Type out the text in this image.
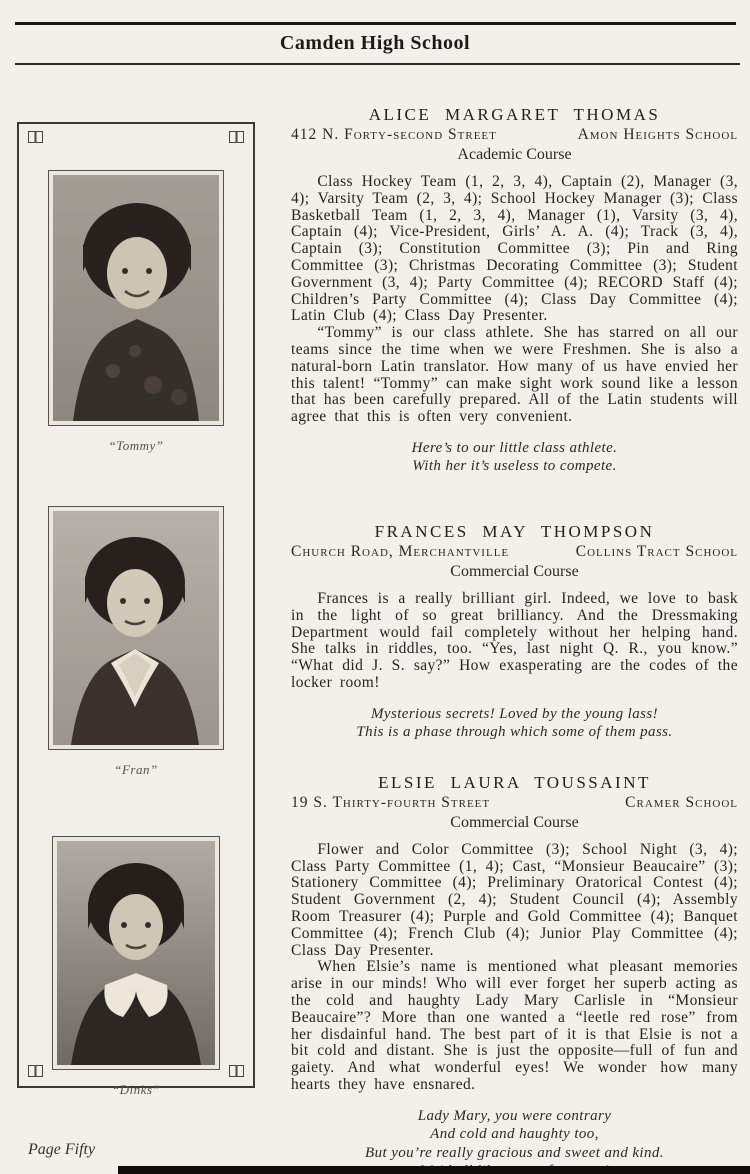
Camden High School
“Tommy”
“Fran”
“Dinks”
ALICE MARGARET THOMAS
412 N. Forty-second Street	Amon Heights School
Academic Course

Class Hockey Team (1, 2, 3, 4), Captain (2), Manager (3, 4); Varsity Team (2, 3, 4); School Hockey Manager (3); Class Basketball Team (1, 2, 3, 4), Manager (1), Varsity (3, 4), Captain (4); Vice-President, Girls’ A. A. (4); Track (3, 4), Captain (3); Constitution Committee (3); Pin and Ring Committee (3); Christmas Decorating Committee (3); Student Government (3, 4); Party Committee (4); RECORD Staff (4); Children’s Party Committee (4); Class Day Committee (4); Latin Club (4); Class Day Presenter.

“Tommy” is our class athlete. She has starred on all our teams since the time when we were Freshmen. She is also a natural-born Latin translator. How many of us have envied her this talent! “Tommy” can make sight work sound like a lesson that has been carefully prepared. All of the Latin students will agree that this is often very convenient.

Here’s to our little class athlete.
With her it’s useless to compete.
FRANCES MAY THOMPSON
Church Road, Merchantville	Collins Tract School
Commercial Course

Frances is a really brilliant girl. Indeed, we love to bask in the light of so great brilliancy. And the Dressmaking Department would fail completely without her helping hand. She talks in riddles, too. “Yes, last night Q. R., you know.” “What did J. S. say?” How exasperating are the codes of the locker room!

Mysterious secrets! Loved by the young lass!
This is a phase through which some of them pass.
ELSIE LAURA TOUSSAINT
19 S. Thirty-fourth Street	Cramer School
Commercial Course

Flower and Color Committee (3); School Night (3, 4); Class Party Committee (1, 4); Cast, “Monsieur Beaucaire” (3); Stationery Committee (4); Preliminary Oratorical Contest (4); Student Government (2, 4); Student Council (4); Assembly Room Treasurer (4); Purple and Gold Committee (4); Banquet Committee (4); French Club (4); Junior Play Committee (4); Class Day Presenter.

When Elsie’s name is mentioned what pleasant memories arise in our minds! Who will ever forget her superb acting as the cold and haughty Lady Mary Carlisle in “Monsieur Beaucaire”? More than one wanted a “leetle red rose” from her disdainful hand. The best part of it is that Elsie is not a bit cold and distant. She is just the opposite—full of fun and gaiety. And what wonderful eyes! We wonder how many hearts they have ensnared.

Lady Mary, you were contrary
And cold and haughty too,
But you’re really gracious and sweet and kind.
Page Fifty
